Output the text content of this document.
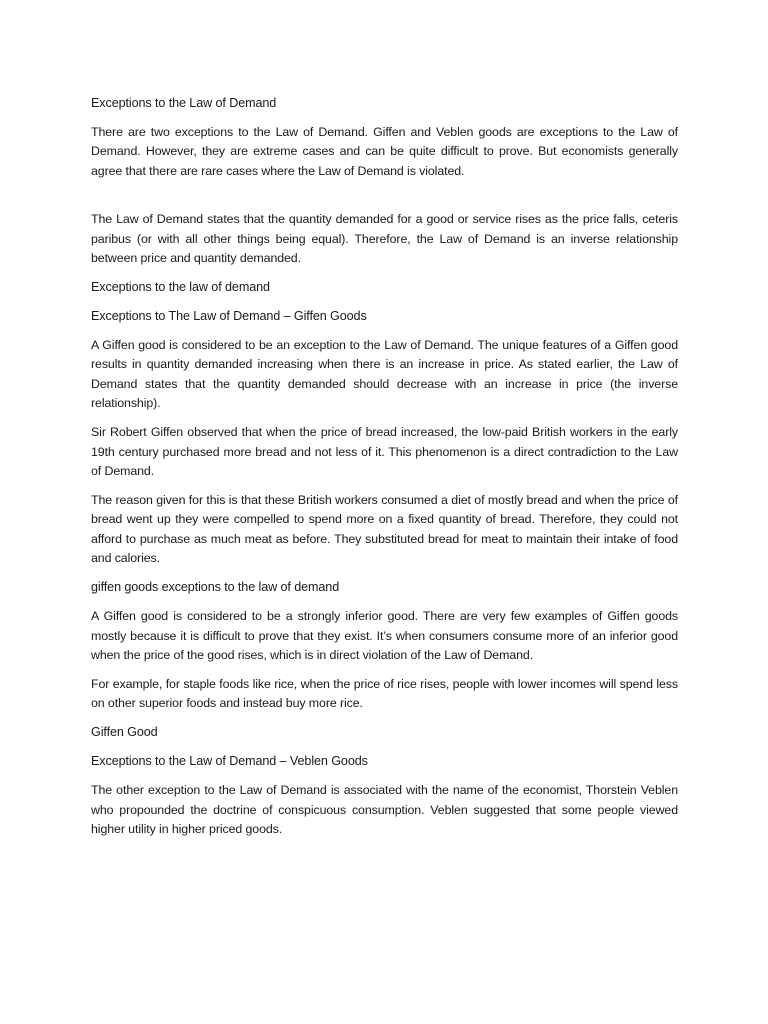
Exceptions to the Law of Demand

There are two exceptions to the Law of Demand. Giffen and Veblen goods are exceptions to the Law of Demand. However, they are extreme cases and can be quite difficult to prove. But economists generally agree that there are rare cases where the Law of Demand is violated.

The Law of Demand states that the quantity demanded for a good or service rises as the price falls, ceteris paribus (or with all other things being equal). Therefore, the Law of Demand is an inverse relationship between price and quantity demanded.

Exceptions to the law of demand

Exceptions to The Law of Demand – Giffen Goods

A Giffen good is considered to be an exception to the Law of Demand. The unique features of a Giffen good results in quantity demanded increasing when there is an increase in price. As stated earlier, the Law of Demand states that the quantity demanded should decrease with an increase in price (the inverse relationship).

Sir Robert Giffen observed that when the price of bread increased, the low-paid British workers in the early 19th century purchased more bread and not less of it. This phenomenon is a direct contradiction to the Law of Demand.

The reason given for this is that these British workers consumed a diet of mostly bread and when the price of bread went up they were compelled to spend more on a fixed quantity of bread. Therefore, they could not afford to purchase as much meat as before. They substituted bread for meat to maintain their intake of food and calories.

giffen goods exceptions to the law of demand

A Giffen good is considered to be a strongly inferior good. There are very few examples of Giffen goods mostly because it is difficult to prove that they exist. It’s when consumers consume more of an inferior good when the price of the good rises, which is in direct violation of the Law of Demand.

For example, for staple foods like rice, when the price of rice rises, people with lower incomes will spend less on other superior foods and instead buy more rice.

Giffen Good

Exceptions to the Law of Demand – Veblen Goods

The other exception to the Law of Demand is associated with the name of the economist, Thorstein Veblen who propounded the doctrine of conspicuous consumption. Veblen suggested that some people viewed higher utility in higher priced goods.
